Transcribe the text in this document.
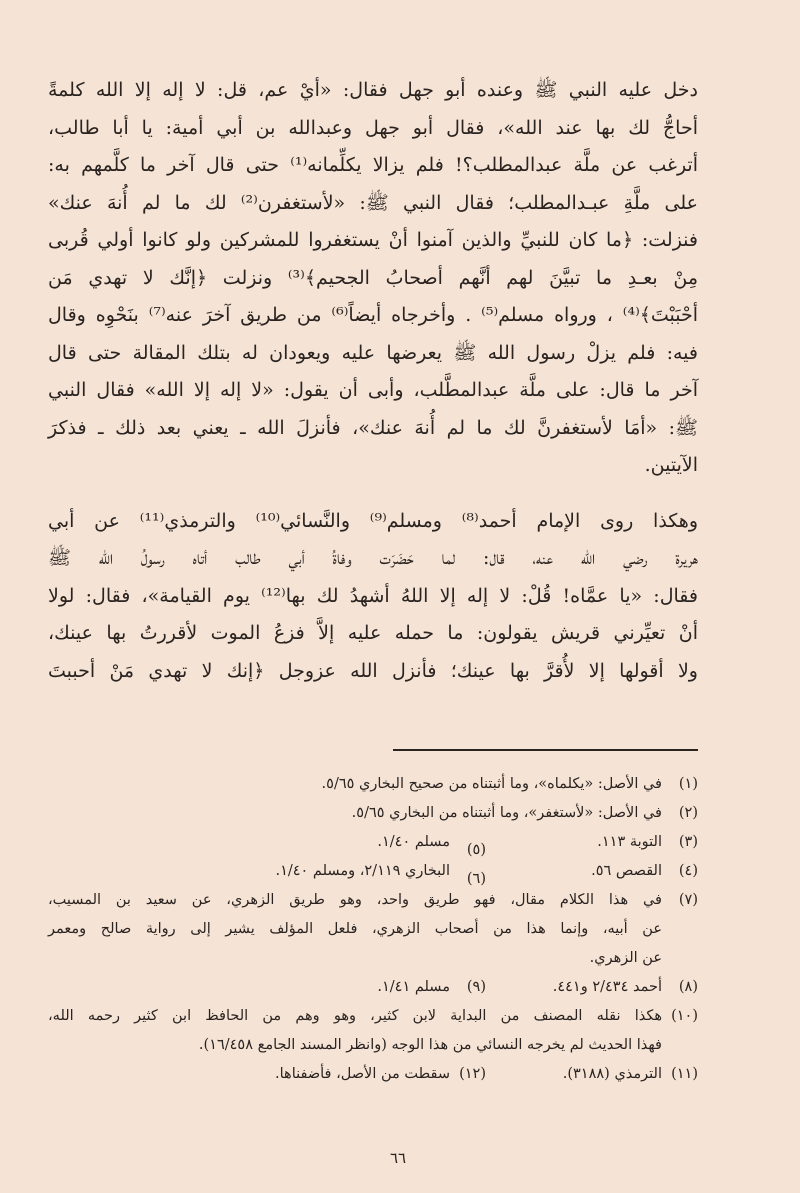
دخل عليه النبي ﷺ وعنده أبو جهل فقال: «أيْ عم، قل: لا إله إلا الله كلمةً
أحاجُّ لك بها عند الله»، فقال أبو جهل وعبدالله بن أبي أمية: يا أبا طالب،
أترغب عن ملَّة عبدالمطلب؟! فلم يزالا يكلِّمانه⁽¹⁾ حتى قال آخر ما كلَّمهم به:
على ملَّةِ عبـدالمطلب؛ فقال النبي ﷺ: «لأستغفرن⁽²⁾ لك ما لم أُنهَ عنك»
فنزلت: ﴿ما كان للنبيِّ والذين آمنوا أنْ يستغفروا للمشركين ولو كانوا أولي قُربى
مِنْ بعـدِ ما تبيَّنَ لهم أنَّهم أصحابُ الجحيم﴾⁽³⁾ ونزلت ﴿إنَّك لا تهدي مَن
أحْبَبْتَ﴾⁽⁴⁾ ، ورواه مسلم⁽⁵⁾ . وأخرجاه أيضاً⁽⁶⁾ من طريق آخرَ عنه⁽⁷⁾ بنَحْوِه وقال
فيه: فلم يزلْ رسول الله ﷺ يعرضها عليه ويعودان له بتلك المقالة حتى قال
آخر ما قال: على ملَّة عبدالمطَّلب، وأبى أن يقول: «لا إله إلا الله» فقال النبي
ﷺ: «أمَا لأستغفرنَّ لك ما لم أُنهَ عنك»، فأنزلَ الله ـ يعني بعد ذلك ـ فذكرَ
الآيتين.
وهكذا روى الإمام أحمد⁽⁸⁾ ومسلم⁽⁹⁾ والنَّسائي⁽¹⁰⁾ والترمذي⁽¹¹⁾ عن أبي
هريرة رضي الله عنه، قال: لما حَضَرَت وفاةُ أبي طالب أتاه رسولُ الله ﷺ
فقال: «يا عمَّاه! قُلْ: لا إله إلا اللهُ أشهدُ لك بها⁽¹²⁾ يوم القيامة»، فقال: لولا
أنْ تعيِّرني قريش يقولون: ما حمله عليه إلاَّ فزعُ الموت لأقررتُ بها عينك،
ولا أقولها إلا لأُقرَّ بها عينك؛ فأنزل الله عزوجل ﴿إنك لا تهدي مَنْ أحببتَ
(١)
في الأصل: «يكلماه»، وما أثبتناه من صحيح البخاري ٥/٦٥.
(٢)
في الأصل: «لأستغفر»، وما أثبتناه من البخاري ٥/٦٥.
(٣)
التوبة ١١٣.
(٥)
مسلم ١/٤٠.
(٤)
القصص ٥٦.
(٦)
البخاري ٢/١١٩، ومسلم ١/٤٠.
(٧)
في هذا الكلام مقال، فهو طريق واحد، وهو طريق الزهري، عن سعيد بن المسيب،
عن أبيه، وإنما هذا من أصحاب الزهري، فلعل المؤلف يشير إلى رواية صالح ومعمر
عن الزهري.
(٨)
أحمد ٢/٤٣٤ و٤٤١.
(٩)
مسلم ١/٤١.
(١٠)
هكذا نقله المصنف من البداية لابن كثير، وهو وهم من الحافظ ابن كثير رحمه الله،
فهذا الحديث لم يخرجه النسائي من هذا الوجه (وانظر المسند الجامع ١٦/٤٥٨).
(١١)
الترمذي (٣١٨٨).
(١٢)
سقطت من الأصل، فأضفناها.
٦٦
